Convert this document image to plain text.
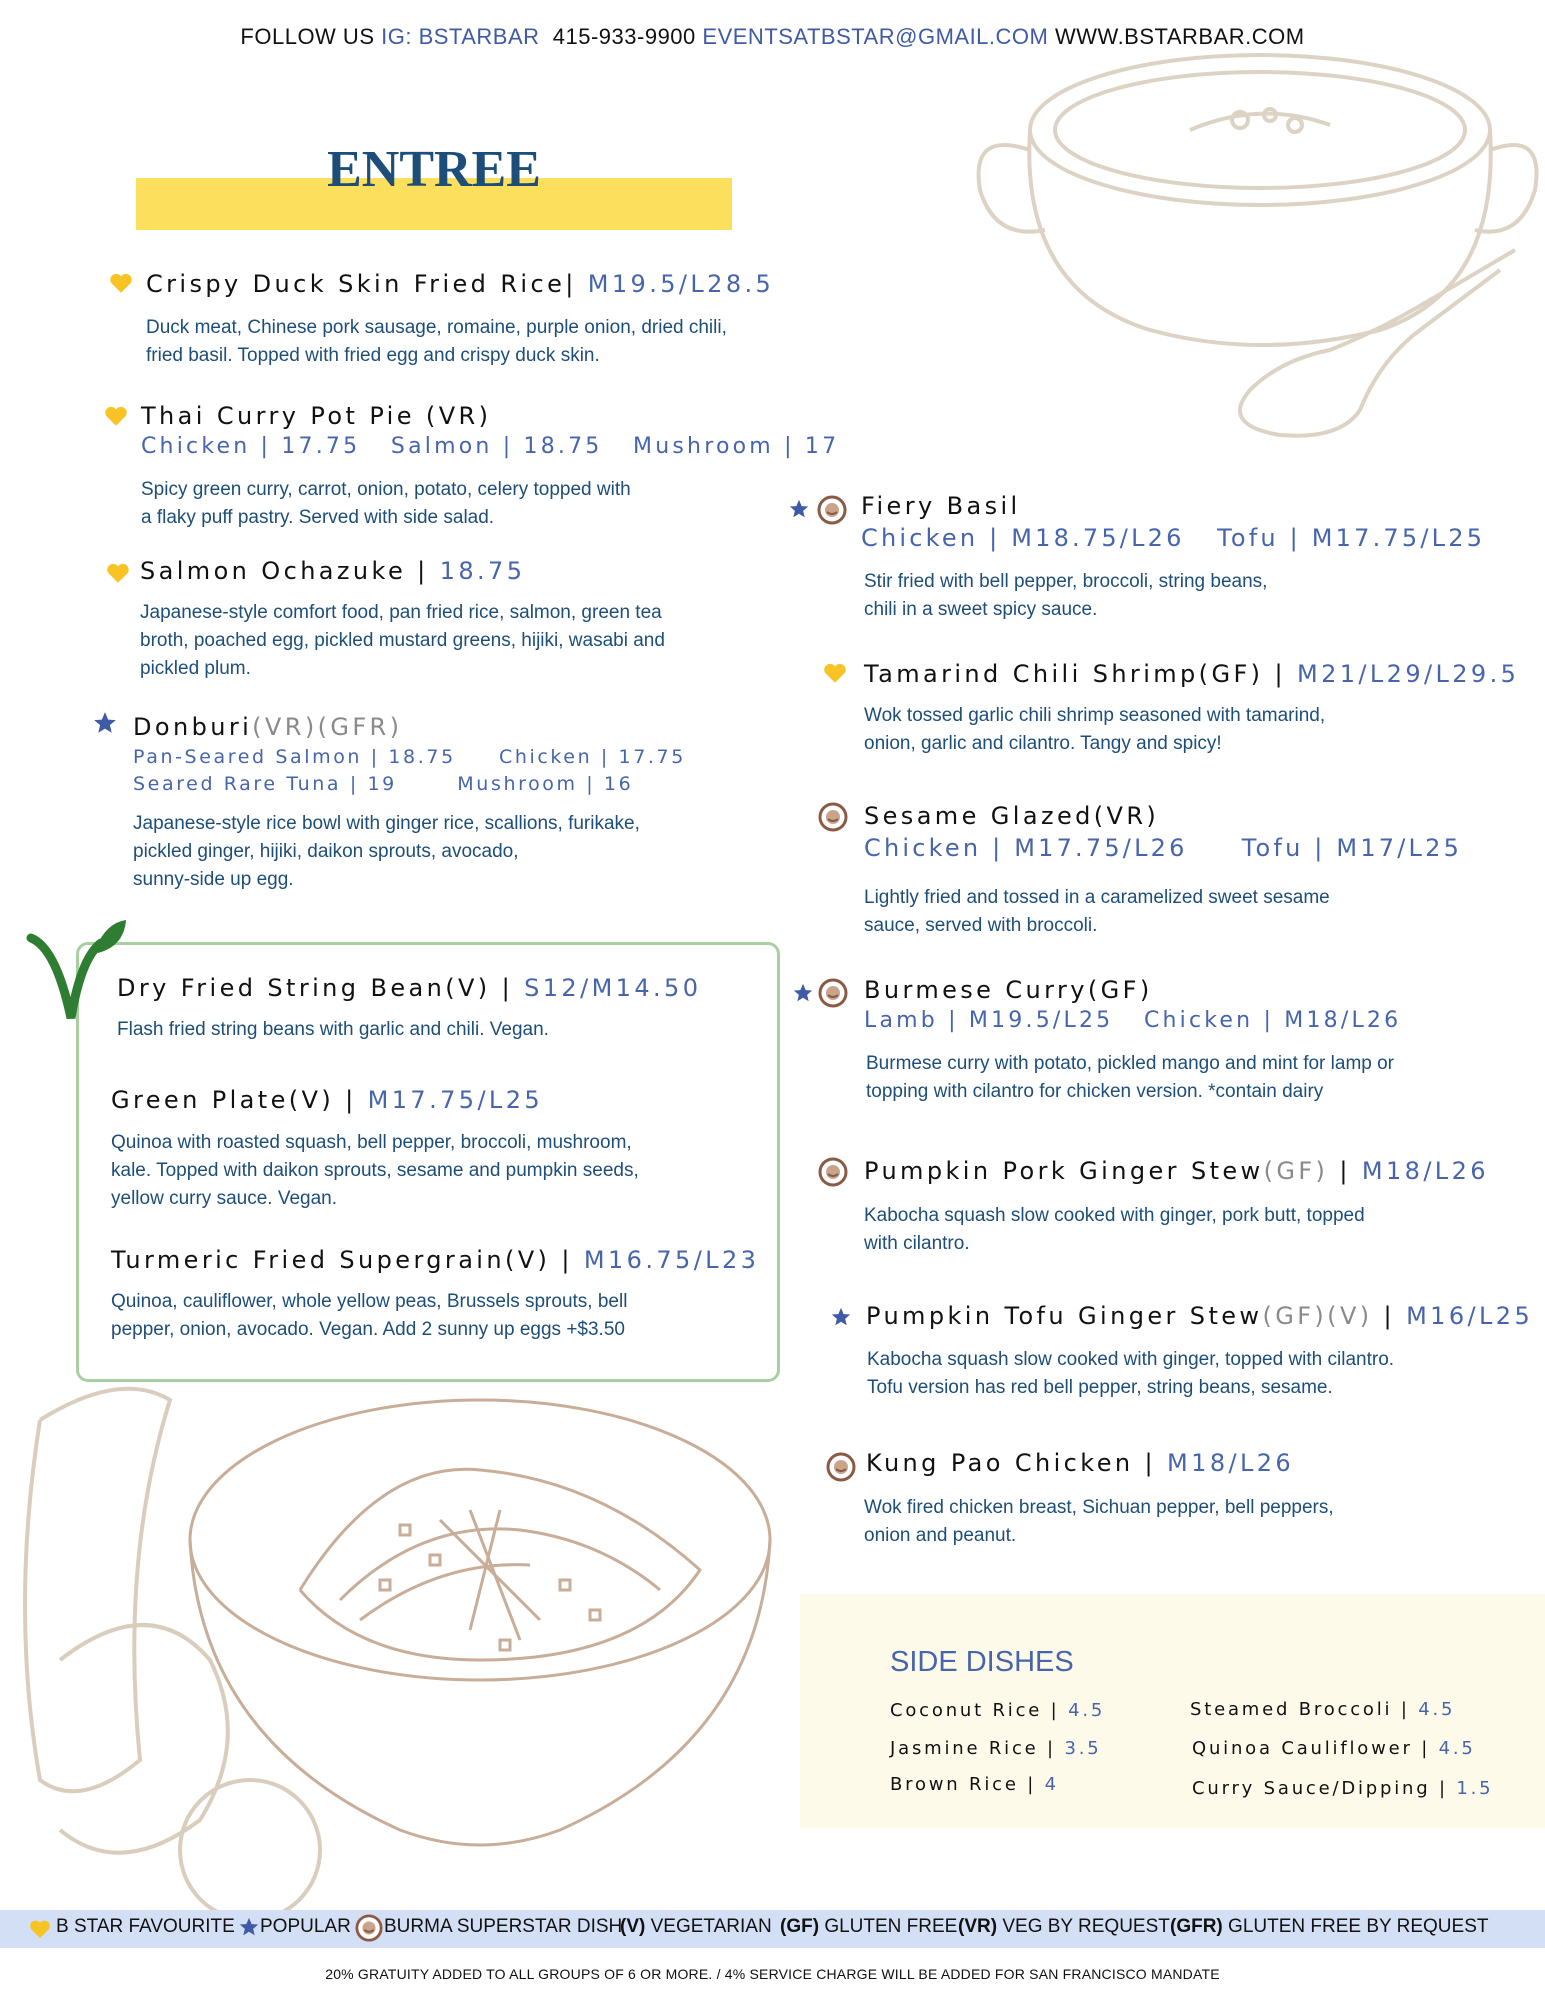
FOLLOW US IG: BSTARBAR 415-933-9900 EVENTSATBSTAR@GMAIL.COM WWW.BSTARBAR.COM
ENTREE
Crispy Duck Skin Fried Rice| M19.5/L28.5
Duck meat, Chinese pork sausage, romaine, purple onion, dried chili,
fried basil. Topped with fried egg and crispy duck skin.
Thai Curry Pot Pie (VR)
Chicken | 17.75   Salmon | 18.75   Mushroom | 17
Spicy green curry, carrot, onion, potato, celery topped with
a flaky puff pastry. Served with side salad.
Salmon Ochazuke | 18.75
Japanese-style comfort food, pan fried rice, salmon, green tea
broth, poached egg, pickled mustard greens, hijiki, wasabi and
pickled plum.
Donburi(VR)(GFR)
Pan-Seared Salmon | 18.75     Chicken | 17.75
Seared Rare Tuna | 19       Mushroom | 16
Japanese-style rice bowl with ginger rice, scallions, furikake,
pickled ginger, hijiki, daikon sprouts, avocado,
sunny-side up egg.
Dry Fried String Bean(V) | S12/M14.50
Flash fried string beans with garlic and chili. Vegan.
Green Plate(V) | M17.75/L25
Quinoa with roasted squash, bell pepper, broccoli, mushroom,
kale. Topped with daikon sprouts, sesame and pumpkin seeds,
yellow curry sauce. Vegan.
Turmeric Fried Supergrain(V) | M16.75/L23
Quinoa, cauliflower, whole yellow peas, Brussels sprouts, bell
pepper, onion, avocado. Vegan. Add 2 sunny up eggs +$3.50
Fiery Basil
Chicken | M18.75/L26   Tofu | M17.75/L25
Stir fried with bell pepper, broccoli, string beans,
chili in a sweet spicy sauce.
Tamarind Chili Shrimp(GF) | M21/L29/L29.5
Wok tossed garlic chili shrimp seasoned with tamarind,
onion, garlic and cilantro. Tangy and spicy!
Sesame Glazed(VR)
Chicken | M17.75/L26     Tofu | M17/L25
Lightly fried and tossed in a caramelized sweet sesame
sauce, served with broccoli.
Burmese Curry(GF)
Lamb | M19.5/L25   Chicken | M18/L26
Burmese curry with potato, pickled mango and mint for lamp or
topping with cilantro for chicken version. *contain dairy
Pumpkin Pork Ginger Stew(GF) | M18/L26
Kabocha squash slow cooked with ginger, pork butt, topped
with cilantro.
Pumpkin Tofu Ginger Stew(GF)(V) | M16/L25
Kabocha squash slow cooked with ginger, topped with cilantro.
Tofu version has red bell pepper, string beans, sesame.
Kung Pao Chicken | M18/L26
Wok fired chicken breast, Sichuan pepper, bell peppers,
onion and peanut.
SIDE DISHES
Coconut Rice | 4.5
Jasmine Rice | 3.5
Brown Rice | 4
Steamed Broccoli | 4.5
Quinoa Cauliflower | 4.5
Curry Sauce/Dipping | 1.5
B STAR FAVOURITE POPULAR BURMA SUPERSTAR DISH
(V) VEGETARIAN (GF) GLUTEN FREE (VR) VEG BY REQUEST (GFR) GLUTEN FREE BY REQUEST
20% GRATUITY ADDED TO ALL GROUPS OF 6 OR MORE. / 4% SERVICE CHARGE WILL BE ADDED FOR SAN FRANCISCO MANDATE
